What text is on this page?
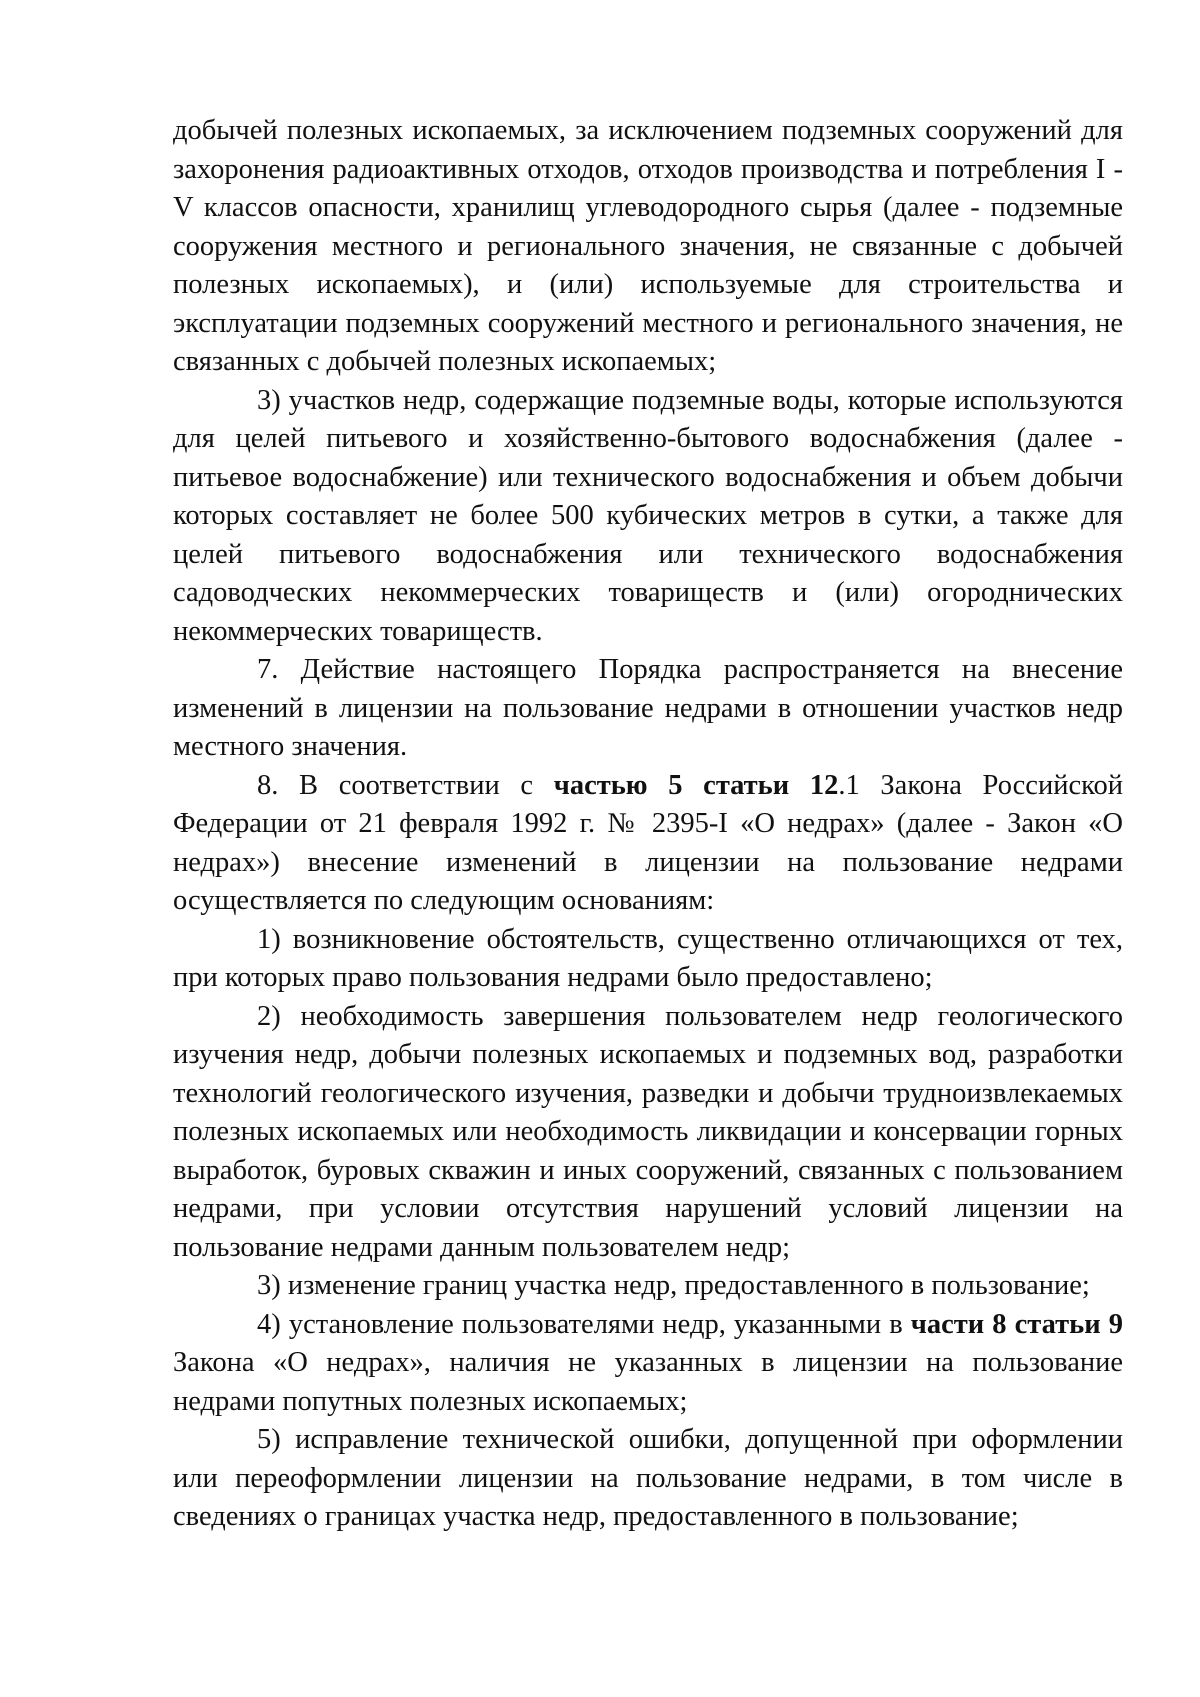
добычей полезных ископаемых, за исключением подземных сооружений для захоронения радиоактивных отходов, отходов производства и потребления I - V классов опасности, хранилищ углеводородного сырья (далее - подземные сооружения местного и регионального значения, не связанные с добычей полезных ископаемых), и (или) используемые для строительства и эксплуатации подземных сооружений местного и регионального значения, не связанных с добычей полезных ископаемых;

3) участков недр, содержащие подземные воды, которые используются для целей питьевого и хозяйственно-бытового водоснабжения (далее - питьевое водоснабжение) или технического водоснабжения и объем добычи которых составляет не более 500 кубических метров в сутки, а также для целей питьевого водоснабжения или технического водоснабжения садоводческих некоммерческих товариществ и (или) огороднических некоммерческих товариществ.

7. Действие настоящего Порядка распространяется на внесение изменений в лицензии на пользование недрами в отношении участков недр местного значения.

8. В соответствии с частью 5 статьи 12.1 Закона Российской Федерации от 21 февраля 1992 г. № 2395-I «О недрах» (далее - Закон «О недрах») внесение изменений в лицензии на пользование недрами осуществляется по следующим основаниям:

1) возникновение обстоятельств, существенно отличающихся от тех, при которых право пользования недрами было предоставлено;

2) необходимость завершения пользователем недр геологического изучения недр, добычи полезных ископаемых и подземных вод, разработки технологий геологического изучения, разведки и добычи трудноизвлекаемых полезных ископаемых или необходимость ликвидации и консервации горных выработок, буровых скважин и иных сооружений, связанных с пользованием недрами, при условии отсутствия нарушений условий лицензии на пользование недрами данным пользователем недр;

3) изменение границ участка недр, предоставленного в пользование;

4) установление пользователями недр, указанными в части 8 статьи 9 Закона «О недрах», наличия не указанных в лицензии на пользование недрами попутных полезных ископаемых;

5) исправление технической ошибки, допущенной при оформлении или переоформлении лицензии на пользование недрами, в том числе в сведениях о границах участка недр, предоставленного в пользование;
